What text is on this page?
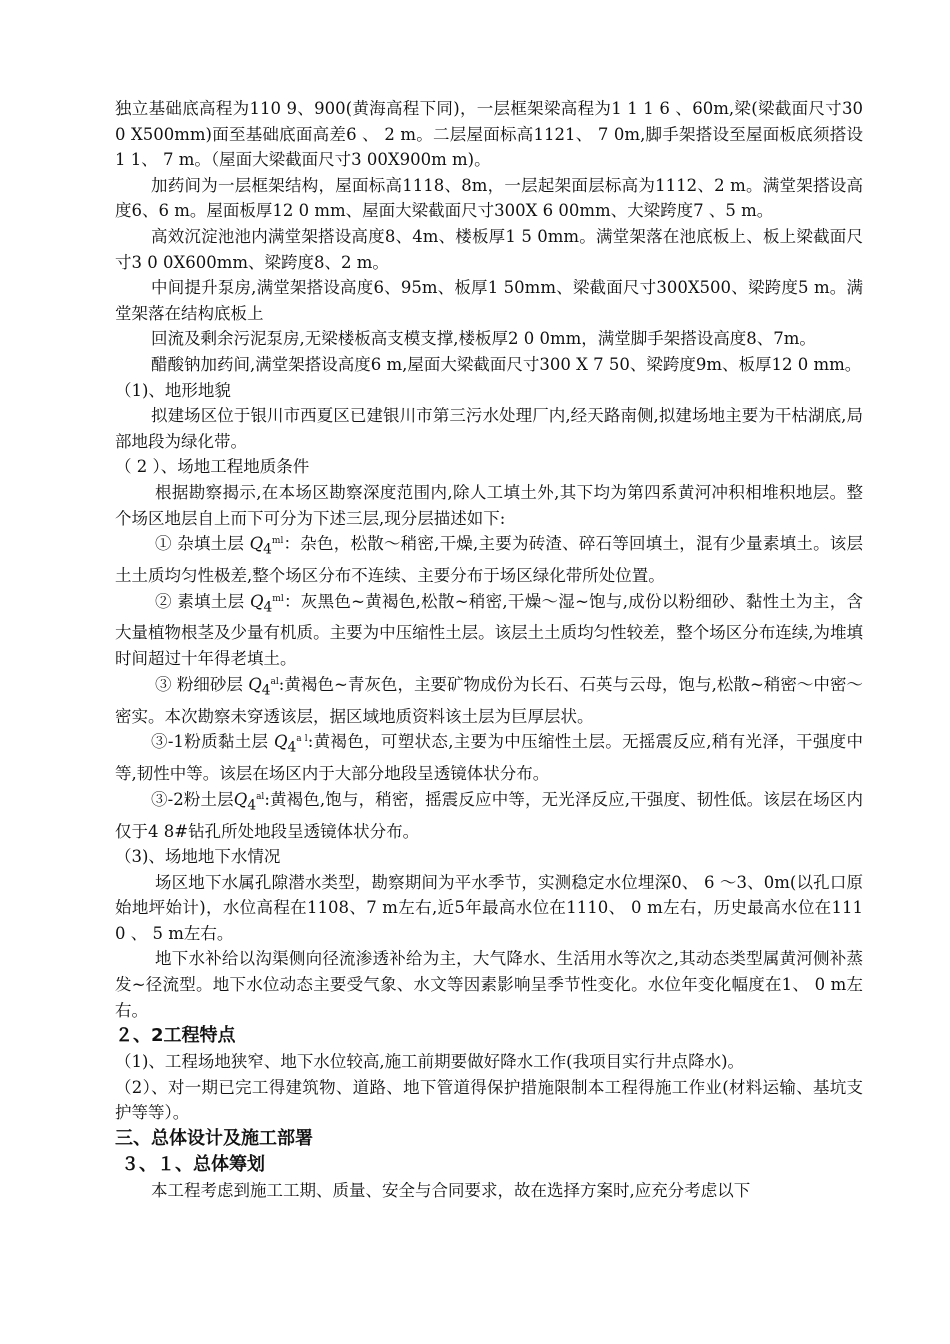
独立基础底高程为110 9、900(黄海高程下同)，一层框架梁高程为1 1 1 6 、60m,梁(梁截面尺寸30 0 X500mm)面至基础底面高差6 、 2 m。二层屋面标高1121、 7 0m,脚手架搭设至屋面板底须搭设1 1、 7 m。（屋面大梁截面尺寸3 00X900m m)。

加药间为一层框架结构，屋面标高1118、8m，一层起架面层标高为1112、2 m。满堂架搭设高度6、6 m。屋面板厚12 0 mm、屋面大梁截面尺寸300X 6 00mm、大梁跨度7 、5 m。

高效沉淀池池内满堂架搭设高度8、4m、楼板厚1 5 0mm。满堂架落在池底板上、板上梁截面尺寸3 0 0X600mm、梁跨度8、2 m。

中间提升泵房,满堂架搭设高度6、95m、板厚1 50mm、梁截面尺寸300X500、梁跨度5 m。满堂架落在结构底板上

回流及剩余污泥泵房,无梁楼板高支模支撑,楼板厚2 0 0mm，满堂脚手架搭设高度8、7m。

醋酸钠加药间,满堂架搭设高度6 m,屋面大梁截面尺寸300 X 7 50、梁跨度9m、板厚12 0 mm。

（1)、地形地貌

拟建场区位于银川市西夏区已建银川市第三污水处理厂内,经天路南侧,拟建场地主要为干枯湖底,局部地段为绿化带。

（ 2 ）、场地工程地质条件

根据勘察揭示,在本场区勘察深度范围内,除人工填土外,其下均为第四系黄河冲积相堆积地层。整个场区地层自上而下可分为下述三层,现分层描述如下:

① 杂填土层 $Q_4^{ml}$：杂色，松散～稍密,干燥,主要为砖渣、碎石等回填土，混有少量素填土。该层土土质均匀性极差,整个场区分布不连续、主要分布于场区绿化带所处位置。

② 素填土层 $Q_4^{ml}$：灰黑色~黄褐色,松散~稍密,干燥～湿~饱与,成份以粉细砂、黏性土为主，含大量植物根茎及少量有机质。主要为中压缩性土层。该层土土质均匀性较差，整个场区分布连续,为堆填时间超过十年得老填土。

③ 粉细砂层 $Q_4^{al}$:黄褐色~青灰色，主要矿物成份为长石、石英与云母，饱与,松散~稍密～中密～密实。本次勘察未穿透该层，据区域地质资料该土层为巨厚层状。

③-1粉质黏土层 $Q_4^{a l}$:黄褐色，可塑状态,主要为中压缩性土层。无摇震反应,稍有光泽，干强度中等,韧性中等。该层在场区内于大部分地段呈透镜体状分布。

③-2粉土层$Q_4^{al}$:黄褐色,饱与，稍密，摇震反应中等，无光泽反应,干强度、韧性低。该层在场区内仅于4 8#钻孔所处地段呈透镜体状分布。

（3)、场地地下水情况

场区地下水属孔隙潜水类型，勘察期间为平水季节，实测稳定水位埋深0、 6 ～3、0m(以孔口原始地坪始计)，水位高程在1108、7 m左右,近5年最高水位在1110、 0 m左右，历史最高水位在111 0 、 5 m左右。

地下水补给以沟渠侧向径流渗透补给为主，大气降水、生活用水等次之,其动态类型属黄河侧补蒸发~径流型。地下水位动态主要受气象、水文等因素影响呈季节性变化。水位年变化幅度在1、 0 m左右。

２、2工程特点

（1)、工程场地狭窄、地下水位较高,施工前期要做好降水工作(我项目实行井点降水)。

（2）、对一期已完工得建筑物、道路、地下管道得保护措施限制本工程得施工作业(材料运输、基坑支护等等）。

三、总体设计及施工部署

３、１、总体筹划

本工程考虑到施工工期、质量、安全与合同要求，故在选择方案时,应充分考虑以下
